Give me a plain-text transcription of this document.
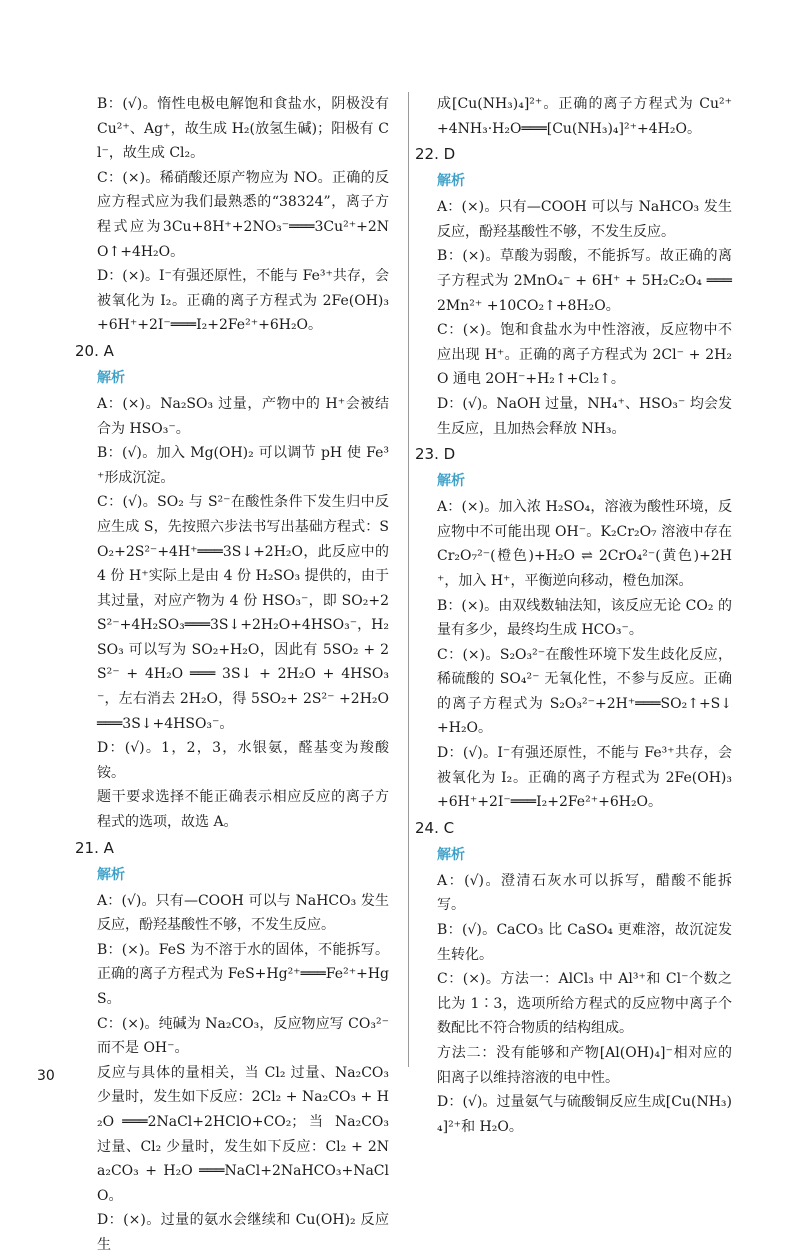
B：(√)。惰性电极电解饱和食盐水，阴极没有Cu²⁺、Ag⁺，故生成 H₂(放氢生碱)；阳极有 Cl⁻，故生成 Cl₂。
C：(×)。稀硝酸还原产物应为 NO。正确的反应方程式应为我们最熟悉的“38324”，离子方程式应为3Cu+8H⁺+2NO₃⁻═══3Cu²⁺+2NO↑+4H₂O。
D：(×)。I⁻有强还原性，不能与 Fe³⁺共存，会被氧化为 I₂。正确的离子方程式为 2Fe(OH)₃ +6H⁺+2I⁻═══I₂+2Fe²⁺+6H₂O。
20. A
解析
A：(×)。Na₂SO₃ 过量，产物中的 H⁺会被结合为 HSO₃⁻。
B：(√)。加入 Mg(OH)₂ 可以调节 pH 使 Fe³⁺形成沉淀。
C：(√)。SO₂ 与 S²⁻在酸性条件下发生归中反应生成 S，先按照六步法书写出基础方程式：SO₂+2S²⁻+4H⁺═══3S↓+2H₂O，此反应中的 4 份 H⁺实际上是由 4 份 H₂SO₃ 提供的，由于其过量，对应产物为 4 份 HSO₃⁻，即 SO₂+2S²⁻+4H₂SO₃═══3S↓+2H₂O+4HSO₃⁻，H₂SO₃ 可以写为 SO₂+H₂O，因此有 5SO₂ + 2S²⁻ + 4H₂O ═══ 3S↓ + 2H₂O + 4HSO₃⁻，左右消去 2H₂O，得 5SO₂+ 2S²⁻ +2H₂O═══3S↓+4HSO₃⁻。
D：(√)。1，2，3，水银氨，醛基变为羧酸铵。
题干要求选择不能正确表示相应反应的离子方程式的选项，故选 A。
21. A
解析
A：(√)。只有—COOH 可以与 NaHCO₃ 发生反应，酚羟基酸性不够，不发生反应。
B：(×)。FeS 为不溶于水的固体，不能拆写。正确的离子方程式为 FeS+Hg²⁺═══Fe²⁺+HgS。
C：(×)。纯碱为 Na₂CO₃，反应物应写 CO₃²⁻ 而不是 OH⁻。
反应与具体的量相关，当 Cl₂ 过量、Na₂CO₃ 少量时，发生如下反应：2Cl₂ + Na₂CO₃ + H₂O ═══2NaCl+2HClO+CO₂；当 Na₂CO₃ 过量、Cl₂ 少量时，发生如下反应：Cl₂ + 2Na₂CO₃ + H₂O ═══NaCl+2NaHCO₃+NaClO。
D：(×)。过量的氨水会继续和 Cu(OH)₂ 反应生
成[Cu(NH₃)₄]²⁺。正确的离子方程式为 Cu²⁺ +4NH₃·H₂O═══[Cu(NH₃)₄]²⁺+4H₂O。
22. D
解析
A：(×)。只有—COOH 可以与 NaHCO₃ 发生反应，酚羟基酸性不够，不发生反应。
B：(×)。草酸为弱酸，不能拆写。故正确的离子方程式为 2MnO₄⁻ + 6H⁺ + 5H₂C₂O₄ ═══2Mn²⁺ +10CO₂↑+8H₂O。
C：(×)。饱和食盐水为中性溶液，反应物中不应出现 H⁺。正确的离子方程式为 2Cl⁻ + 2H₂O 通电 2OH⁻+H₂↑+Cl₂↑。
D：(√)。NaOH 过量，NH₄⁺、HSO₃⁻ 均会发生反应，且加热会释放 NH₃。
23. D
解析
A：(×)。加入浓 H₂SO₄，溶液为酸性环境，反应物中不可能出现 OH⁻。K₂Cr₂O₇ 溶液中存在Cr₂O₇²⁻(橙色)+H₂O ⇌ 2CrO₄²⁻(黄色)+2H⁺，加入 H⁺，平衡逆向移动，橙色加深。
B：(×)。由双线数轴法知，该反应无论 CO₂ 的量有多少，最终均生成 HCO₃⁻。
C：(×)。S₂O₃²⁻在酸性环境下发生歧化反应，稀硫酸的 SO₄²⁻ 无氧化性，不参与反应。正确的离子方程式为 S₂O₃²⁻+2H⁺═══SO₂↑+S↓+H₂O。
D：(√)。I⁻有强还原性，不能与 Fe³⁺共存，会被氧化为 I₂。正确的离子方程式为 2Fe(OH)₃ +6H⁺+2I⁻═══I₂+2Fe²⁺+6H₂O。
24. C
解析
A：(√)。澄清石灰水可以拆写，醋酸不能拆写。
B：(√)。CaCO₃ 比 CaSO₄ 更难溶，故沉淀发生转化。
C：(×)。方法一：AlCl₃ 中 Al³⁺和 Cl⁻个数之比为 1∶3，选项所给方程式的反应物中离子个数配比不符合物质的结构组成。
方法二：没有能够和产物[Al(OH)₄]⁻相对应的阳离子以维持溶液的电中性。
D：(√)。过量氨气与硫酸铜反应生成[Cu(NH₃)₄]²⁺和 H₂O。
30
